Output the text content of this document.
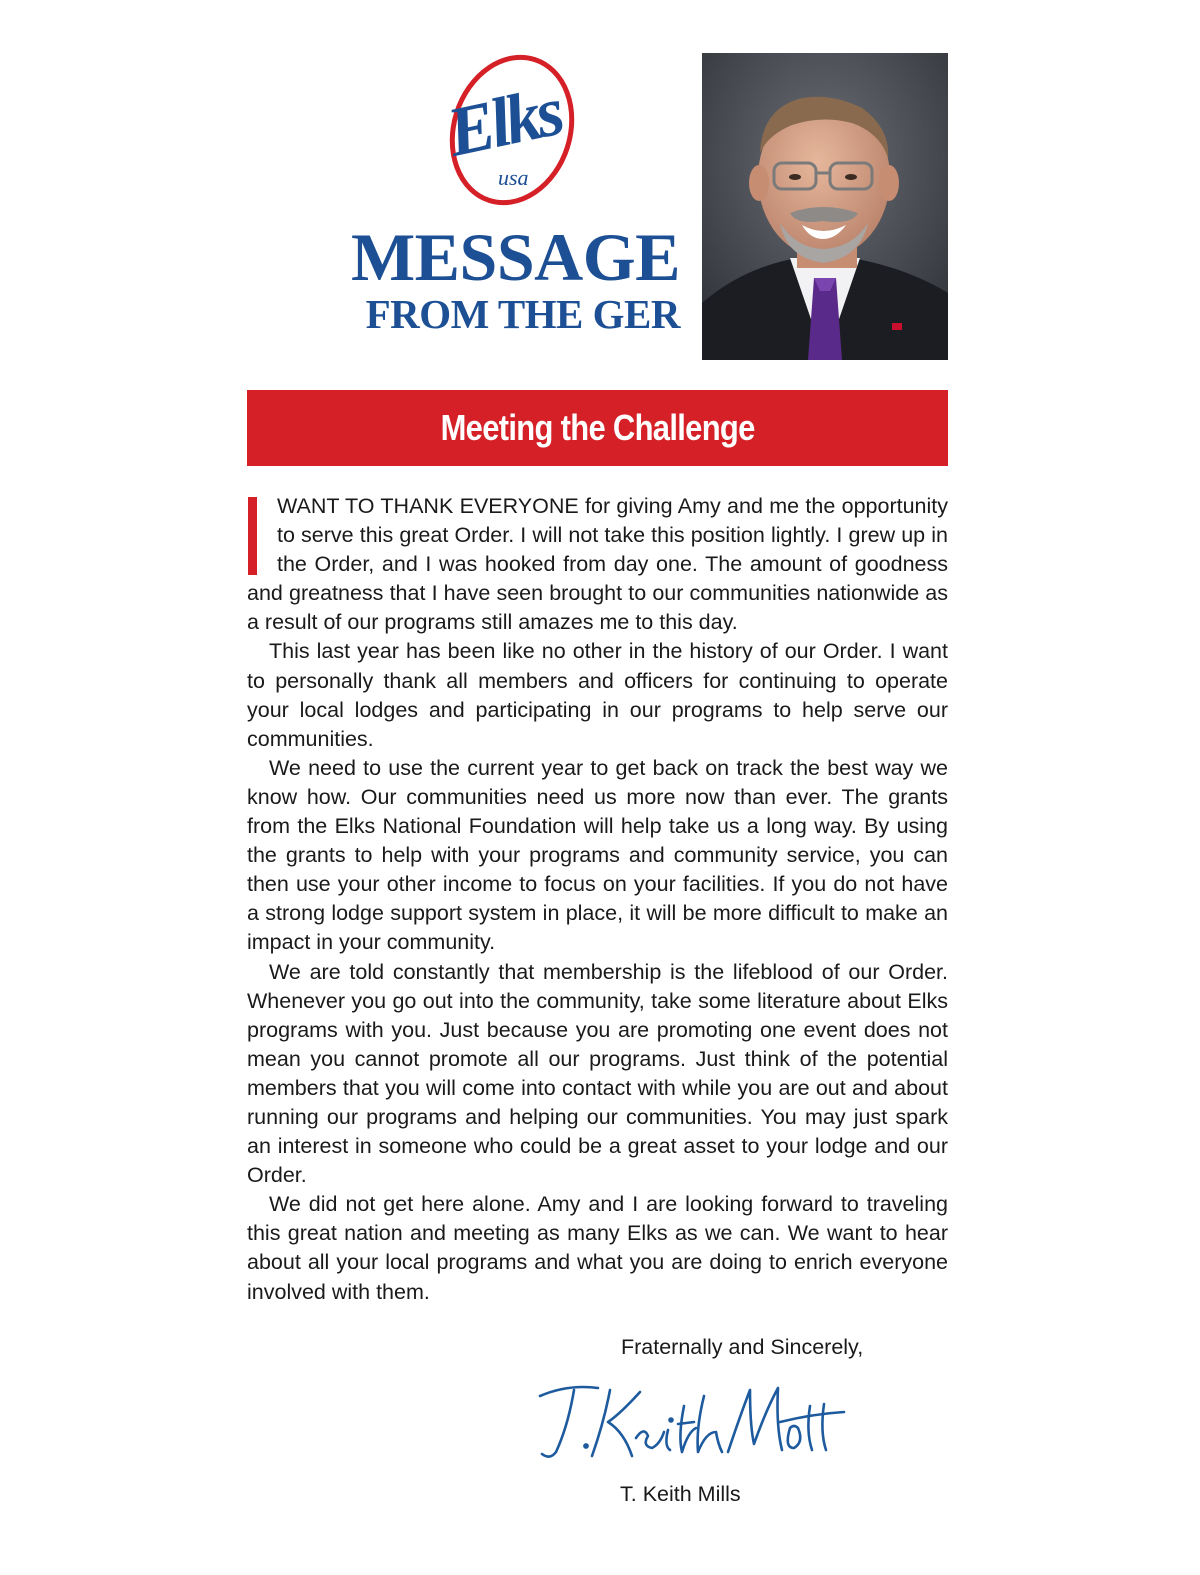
Elks
usa
MESSAGE
FROM THE GER
Meeting the Challenge

WANT TO THANK EVERYONE for giving Amy and me the opportunity to serve this great Order. I will not take this position lightly. I grew up in the Order, and I was hooked from day one. The amount of goodness and greatness that I have seen brought to our communities nationwide as a result of our programs still amazes me to this day.

This last year has been like no other in the history of our Order. I want to personally thank all members and officers for continuing to operate your local lodges and participating in our programs to help serve our communities.

We need to use the current year to get back on track the best way we know how. Our communities need us more now than ever. The grants from the Elks National Foundation will help take us a long way. By using the grants to help with your programs and community service, you can then use your other income to focus on your facilities. If you do not have a strong lodge support system in place, it will be more difficult to make an impact in your community.

We are told constantly that membership is the lifeblood of our Order. Whenever you go out into the community, take some literature about Elks programs with you. Just because you are promoting one event does not mean you cannot promote all our programs. Just think of the potential members that you will come into contact with while you are out and about running our programs and helping our communities. You may just spark an interest in someone who could be a great asset to your lodge and our Order.

We did not get here alone. Amy and I are looking forward to traveling this great nation and meeting as many Elks as we can. We want to hear about all your local programs and what you are doing to enrich everyone involved with them.

Fraternally and Sincerely,
T. Keith Mills
